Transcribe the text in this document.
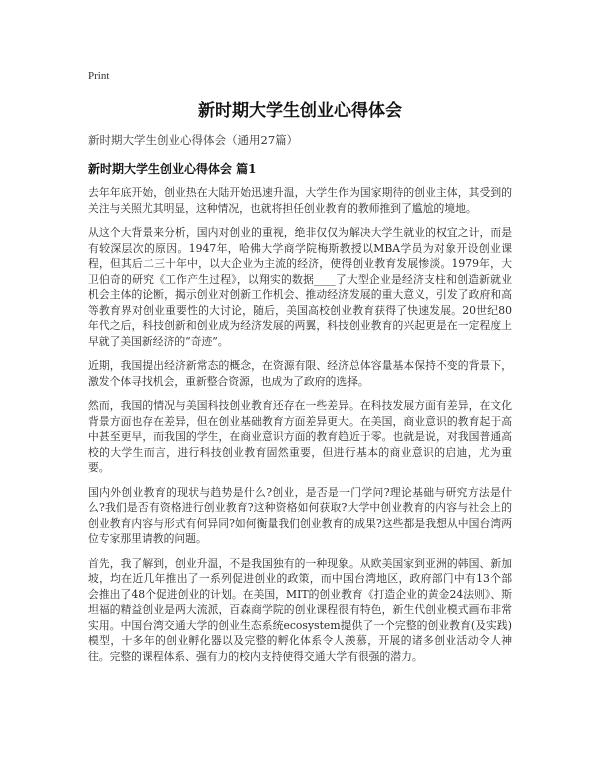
Print
新时期大学生创业心得体会
新时期大学生创业心得体会（通用27篇）
新时期大学生创业心得体会 篇1

去年年底开始，创业热在大陆开始迅速升温，大学生作为国家期待的创业主体，其受到的关注与关照尤其明显，这种情况，也就将担任创业教育的教师推到了尴尬的境地。

从这个大背景来分析，国内对创业的重视，绝非仅仅为解决大学生就业的权宜之计，而是有较深层次的原因。1947年，哈佛大学商学院梅斯教授以MBA学员为对象开设创业课程，但其后二三十年中，以大企业为主流的经济，使得创业教育发展惨淡。1979年，大卫伯奇的研究《工作产生过程》，以翔实的数据____了大型企业是经济支柱和创造新就业机会主体的论断，揭示创业对创新工作机会、推动经济发展的重大意义，引发了政府和高等教育界对创业重要性的大讨论，随后，美国高校创业教育获得了快速发展。20世纪80年代之后，科技创新和创业成为经济发展的两翼，科技创业教育的兴起更是在一定程度上早就了美国新经济的“奇迹”。

近期，我国提出经济新常态的概念，在资源有限、经济总体容量基本保持不变的背景下，激发个体寻找机会，重新整合资源，也成为了政府的选择。

然而，我国的情况与美国科技创业教育还存在一些差异。在科技发展方面有差异，在文化背景方面也存在差异，但在创业基础教育方面差异更大。在美国，商业意识的教育起于高中甚至更早，而我国的学生，在商业意识方面的教育趋近于零。也就是说，对我国普通高校的大学生而言，进行科技创业教育固然重要，但进行基本的商业意识的启迪，尤为重要。

国内外创业教育的现状与趋势是什么?创业，是否是一门学问?理论基础与研究方法是什么?我们是否有资格进行创业教育?这种资格如何获取?大学中创业教育的内容与社会上的创业教育内容与形式有何异同?如何衡量我们创业教育的成果?这些都是我想从中国台湾两位专家那里请教的问题。

首先，我了解到，创业升温，不是我国独有的一种现象。从欧美国家到亚洲的韩国、新加坡，均在近几年推出了一系列促进创业的政策，而中国台湾地区，政府部门中有13个部会推出了48个促进创业的计划。在美国，MIT的创业教育《打造企业的黄金24法则》、斯坦福的精益创业是两大流派，百森商学院的创业课程很有特色，新生代创业模式画布非常实用。中国台湾交通大学的创业生态系统ecosystem提供了一个完整的创业教育(及实践)模型，十多年的创业孵化器以及完整的孵化体系令人羡慕，开展的诸多创业活动令人神往。完整的课程体系、强有力的校内支持使得交通大学有很强的潜力。
